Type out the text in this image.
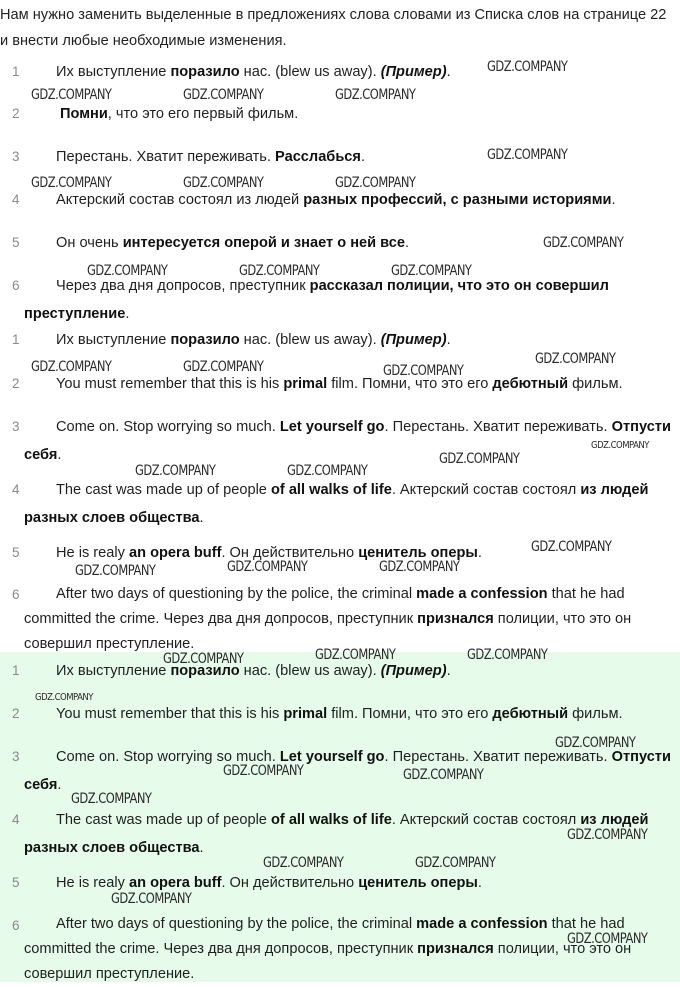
Нам нужно заменить выделенные в предложениях слова словами из Списка слов на странице 22 и внести любые необходимые изменения.
1	Их выступление поразило нас. (blew us away). (Пример).
2	Помни, что это его первый фильм.
3	Перестань. Хватит переживать. Расслабься.
4	Актерский состав состоял из людей разных профессий, с разными историями.
5	Он очень интересуется оперой и знает о ней все.
6	Через два дня допросов, преступник рассказал полиции, что это он совершил преступление.
1	Их выступление поразило нас. (blew us away). (Пример).
2	You must remember that this is his primal film. Помни, что это его дебютный фильм.
3	Come on. Stop worrying so much. Let yourself go. Перестань. Хватит переживать. Отпусти себя.
4	The cast was made up of people of all walks of life. Актерский состав состоял из людей разных слоев общества.
5	He is realy an opera buff. Он действительно ценитель оперы.
6	After two days of questioning by the police, the criminal made a confession that he had committed the crime. Через два дня допросов, преступник признался полиции, что это он совершил преступление.
1	Их выступление поразило нас. (blew us away). (Пример).
2	You must remember that this is his primal film. Помни, что это его дебютный фильм.
3	Come on. Stop worrying so much. Let yourself go. Перестань. Хватит переживать. Отпусти себя.
4	The cast was made up of people of all walks of life. Актерский состав состоял из людей разных слоев общества.
5	He is realy an opera buff. Он действительно ценитель оперы.
6	After two days of questioning by the police, the criminal made a confession that he had committed the crime. Через два дня допросов, преступник признался полиции, что это он совершил преступление.
GDZ.COMPANY
GDZ.COMPANY	GDZ.COMPANY	GDZ.COMPANY
GDZ.COMPANY
GDZ.COMPANY	GDZ.COMPANY	GDZ.COMPANY
GDZ.COMPANY
GDZ.COMPANY	GDZ.COMPANY	GDZ.COMPANY
GDZ.COMPANY
GDZ.COMPANY	GDZ.COMPANY	GDZ.COMPANY
GDZ.COMPANY
GDZ.COMPANY
GDZ.COMPANY	GDZ.COMPANY
GDZ.COMPANY
GDZ.COMPANY	GDZ.COMPANY
GDZ.COMPANY
GDZ.COMPANY	GDZ.COMPANY	GDZ.COMPANY
GDZ.COMPANY
GDZ.COMPANY
GDZ.COMPANY	GDZ.COMPANY
GDZ.COMPANY
GDZ.COMPANY
GDZ.COMPANY	GDZ.COMPANY
GDZ.COMPANY
GDZ.COMPANY
